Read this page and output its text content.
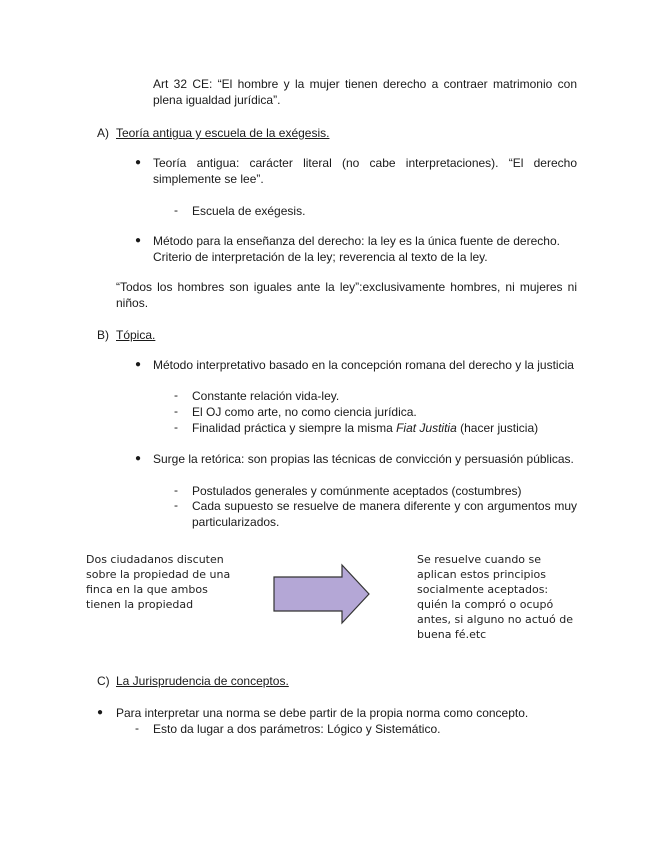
Art 32 CE: “El hombre y la mujer tienen derecho a contraer matrimonio con plena igualdad jurídica”.
A) Teoría antigua y escuela de la exégesis.
● Teoría antigua: carácter literal (no cabe interpretaciones). “El derecho simplemente se lee”.
- Escuela de exégesis.
● Método para la enseñanza del derecho: la ley es la única fuente de derecho.
Criterio de interpretación de la ley; reverencia al texto de la ley.
“Todos los hombres son iguales ante la ley”:exclusivamente hombres, ni mujeres ni niños.
B) Tópica.
● Método interpretativo basado en la concepción romana del derecho y la justicia
- Constante relación vida-ley.
- El OJ como arte, no como ciencia jurídica.
- Finalidad práctica y siempre la misma Fiat Justitia (hacer justicia)
● Surge la retórica: son propias las técnicas de convicción y persuasión públicas.
- Postulados generales y comúnmente aceptados (costumbres)
- Cada supuesto se resuelve de manera diferente y con argumentos muy particularizados.
Dos ciudadanos discuten sobre la propiedad de una finca en la que ambos tienen la propiedad
Se resuelve cuando se aplican estos principios socialmente aceptados: quién la compró o ocupó antes, si alguno no actuó de buena fé.etc
C) La Jurisprudencia de conceptos.
● Para interpretar una norma se debe partir de la propia norma como concepto.
- Esto da lugar a dos parámetros: Lógico y Sistemático.
